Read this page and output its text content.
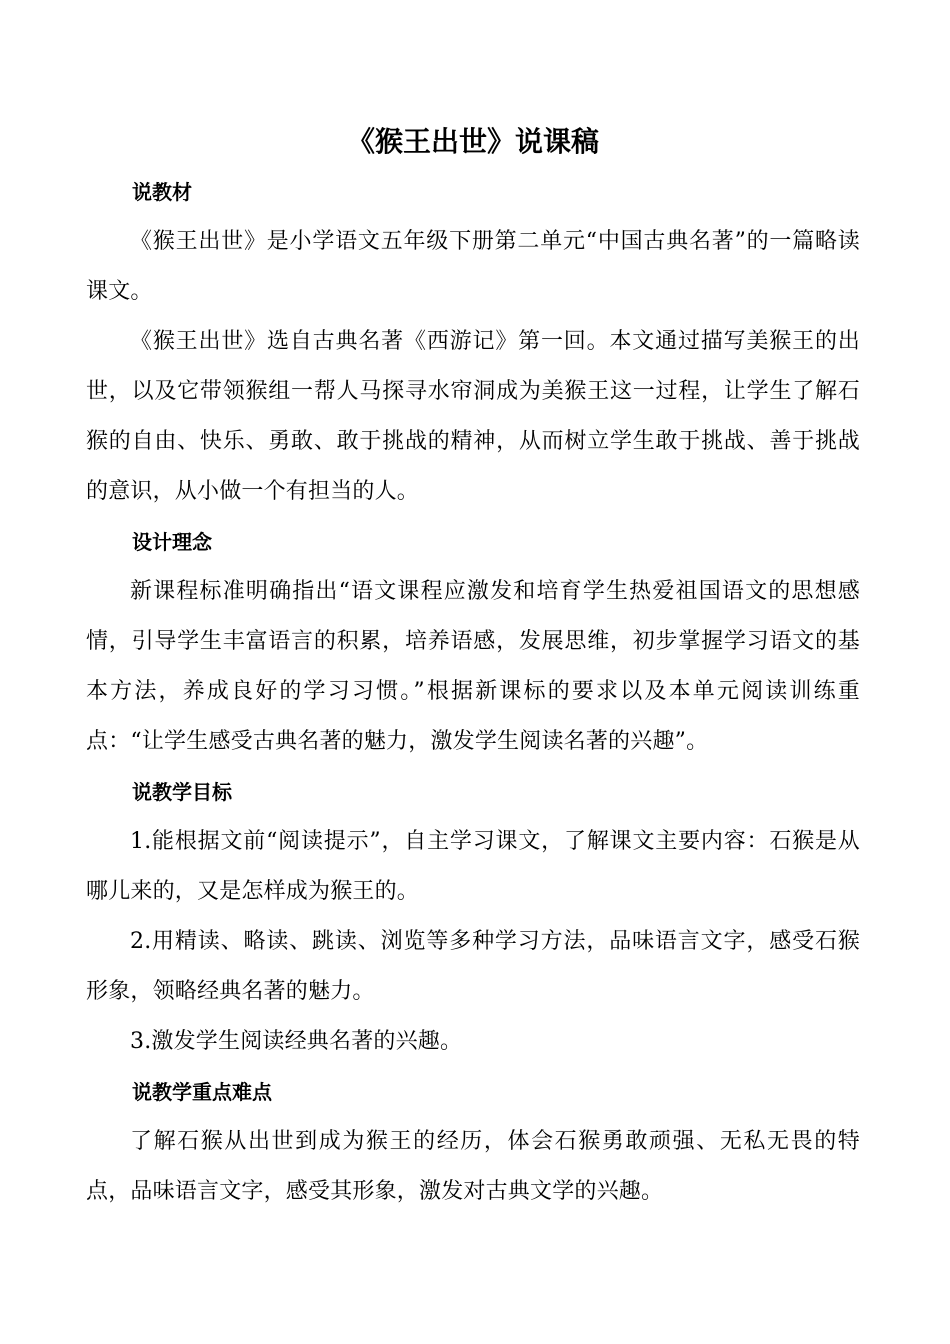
《猴王出世》说课稿
说教材

《猴王出世》是小学语文五年级下册第二单元“中国古典名著”的一篇略读课文。

《猴王出世》选自古典名著《西游记》第一回。本文通过描写美猴王的出世，以及它带领猴组一帮人马探寻水帘洞成为美猴王这一过程，让学生了解石猴的自由、快乐、勇敢、敢于挑战的精神，从而树立学生敢于挑战、善于挑战的意识，从小做一个有担当的人。

设计理念

新课程标准明确指出“语文课程应激发和培育学生热爱祖国语文的思想感情，引导学生丰富语言的积累，培养语感，发展思维，初步掌握学习语文的基本方法，养成良好的学习习惯。”根据新课标的要求以及本单元阅读训练重点：“让学生感受古典名著的魅力，激发学生阅读名著的兴趣”。

说教学目标

1.能根据文前“阅读提示”，自主学习课文，了解课文主要内容：石猴是从哪儿来的，又是怎样成为猴王的。

2.用精读、略读、跳读、浏览等多种学习方法，品味语言文字，感受石猴形象，领略经典名著的魅力。

3.激发学生阅读经典名著的兴趣。

说教学重点难点

了解石猴从出世到成为猴王的经历，体会石猴勇敢顽强、无私无畏的特点，品味语言文字，感受其形象，激发对古典文学的兴趣。
